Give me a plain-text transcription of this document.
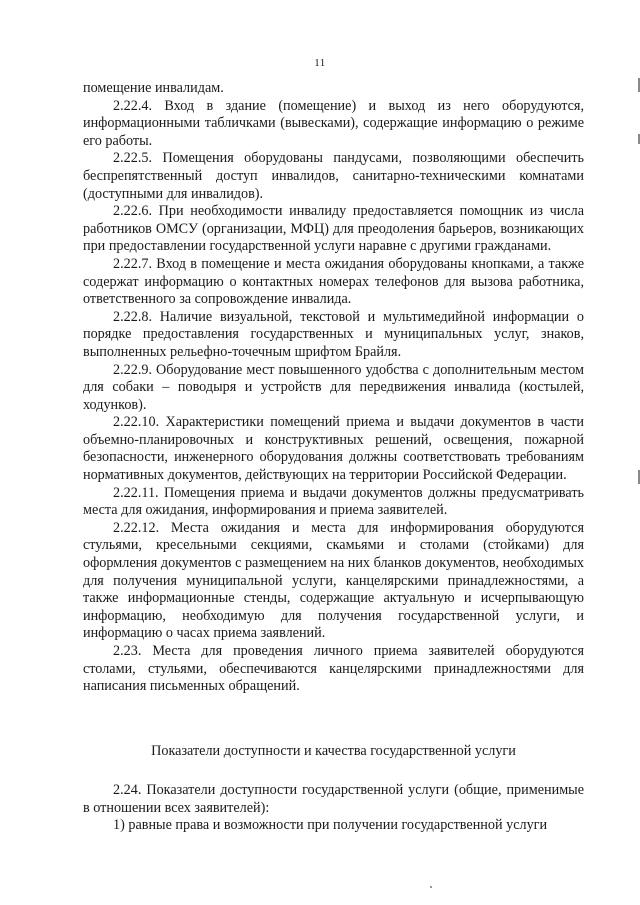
11

помещение инвалидам.

2.22.4. Вход в здание (помещение) и выход из него оборудуются, информационными табличками (вывесками), содержащие информацию о режиме его работы.

2.22.5. Помещения оборудованы пандусами, позволяющими обеспечить беспрепятственный доступ инвалидов, санитарно-техническими комнатами (доступными для инвалидов).

2.22.6. При необходимости инвалиду предоставляется помощник из числа работников ОМСУ (организации, МФЦ) для преодоления барьеров, возникающих при предоставлении государственной услуги наравне с другими гражданами.

2.22.7. Вход в помещение и места ожидания оборудованы кнопками, а также содержат информацию о контактных номерах телефонов для вызова работника, ответственного за сопровождение инвалида.

2.22.8. Наличие визуальной, текстовой и мультимедийной информации о порядке предоставления государственных и муниципальных услуг, знаков, выполненных рельефно-точечным шрифтом Брайля.

2.22.9. Оборудование мест повышенного удобства с дополнительным местом для собаки – поводыря и устройств для передвижения инвалида (костылей, ходунков).

2.22.10. Характеристики помещений приема и выдачи документов в части объемно-планировочных и конструктивных решений, освещения, пожарной безопасности, инженерного оборудования должны соответствовать требованиям нормативных документов, действующих на территории Российской Федерации.

2.22.11. Помещения приема и выдачи документов должны предусматривать места для ожидания, информирования и приема заявителей.

2.22.12. Места ожидания и места для информирования оборудуются стульями, кресельными секциями, скамьями и столами (стойками) для оформления документов с размещением на них бланков документов, необходимых для получения муниципальной услуги, канцелярскими принадлежностями, а также информационные стенды, содержащие актуальную и исчерпывающую информацию, необходимую для получения государственной услуги, и информацию о часах приема заявлений.

2.23. Места для проведения личного приема заявителей оборудуются столами, стульями, обеспечиваются канцелярскими принадлежностями для написания письменных обращений.

Показатели доступности и качества государственной услуги

2.24. Показатели доступности государственной услуги (общие, применимые в отношении всех заявителей):

1) равные права и возможности при получении государственной услуги
